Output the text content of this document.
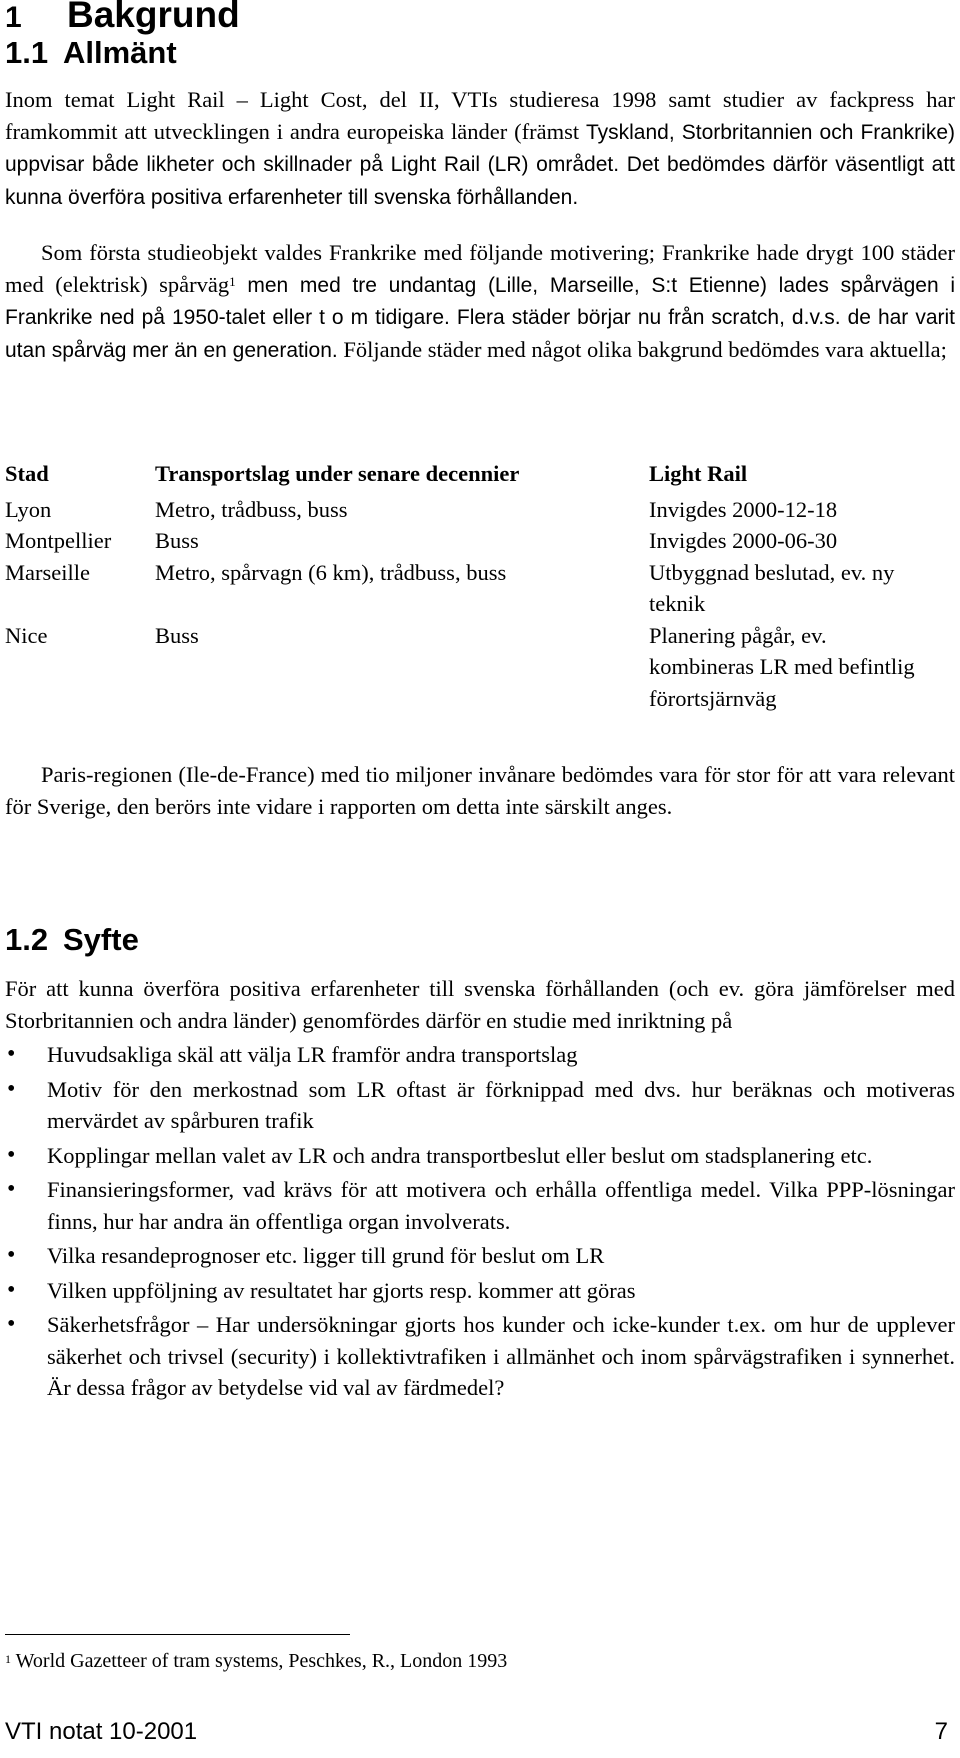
1 Bakgrund
1.1 Allmänt

Inom temat Light Rail – Light Cost, del II, VTIs studieresa 1998 samt studier av fackpress har framkommit att utvecklingen i andra europeiska länder (främst Tyskland, Storbritannien och Frankrike) uppvisar både likheter och skillnader på Light Rail (LR) området. Det bedömdes därför väsentligt att kunna överföra positiva erfarenheter till svenska förhållanden.

Som första studieobjekt valdes Frankrike med följande motivering; Frankrike hade drygt 100 städer med (elektrisk) spårväg$^1$ men med tre undantag (Lille, Marseille, S:t Etienne) lades spårvägen i Frankrike ned på 1950-talet eller t o m tidigare. Flera städer börjar nu från scratch, d.v.s. de har varit utan spårväg mer än en generation. Följande städer med något olika bakgrund bedömdes vara aktuella;

Stad	Transportslag under senare decennier	Light Rail
Lyon	Metro, trådbuss, buss	Invigdes 2000-12-18
Montpellier	Buss	Invigdes 2000-06-30
Marseille	Metro, spårvagn (6 km), trådbuss, buss	Utbyggnad beslutad, ev. ny teknik
Nice	Buss	Planering pågår, ev. kombineras LR med befintlig förortsjärnväg

Paris-regionen (Ile-de-France) med tio miljoner invånare bedömdes vara för stor för att vara relevant för Sverige, den berörs inte vidare i rapporten om detta inte särskilt anges.

1.2 Syfte

För att kunna överföra positiva erfarenheter till svenska förhållanden (och ev. göra jämförelser med Storbritannien och andra länder) genomfördes därför en studie med inriktning på

• Huvudsakliga skäl att välja LR framför andra transportslag
• Motiv för den merkostnad som LR oftast är förknippad med dvs. hur beräknas och motiveras mervärdet av spårburen trafik
• Kopplingar mellan valet av LR och andra transportbeslut eller beslut om stadsplanering etc.
• Finansieringsformer, vad krävs för att motivera och erhålla offentliga medel. Vilka PPP-lösningar finns, hur har andra än offentliga organ involverats.
• Vilka resandeprognoser etc. ligger till grund för beslut om LR
• Vilken uppföljning av resultatet har gjorts resp. kommer att göras
• Säkerhetsfrågor – Har undersökningar gjorts hos kunder och icke-kunder t.ex. om hur de upplever säkerhet och trivsel (security) i kollektivtrafiken i allmänhet och inom spårvägstrafiken i synnerhet. Är dessa frågor av betydelse vid val av färdmedel?
$^1$ World Gazetteer of tram systems, Peschkes, R., London 1993
VTI notat 10-2001	7
